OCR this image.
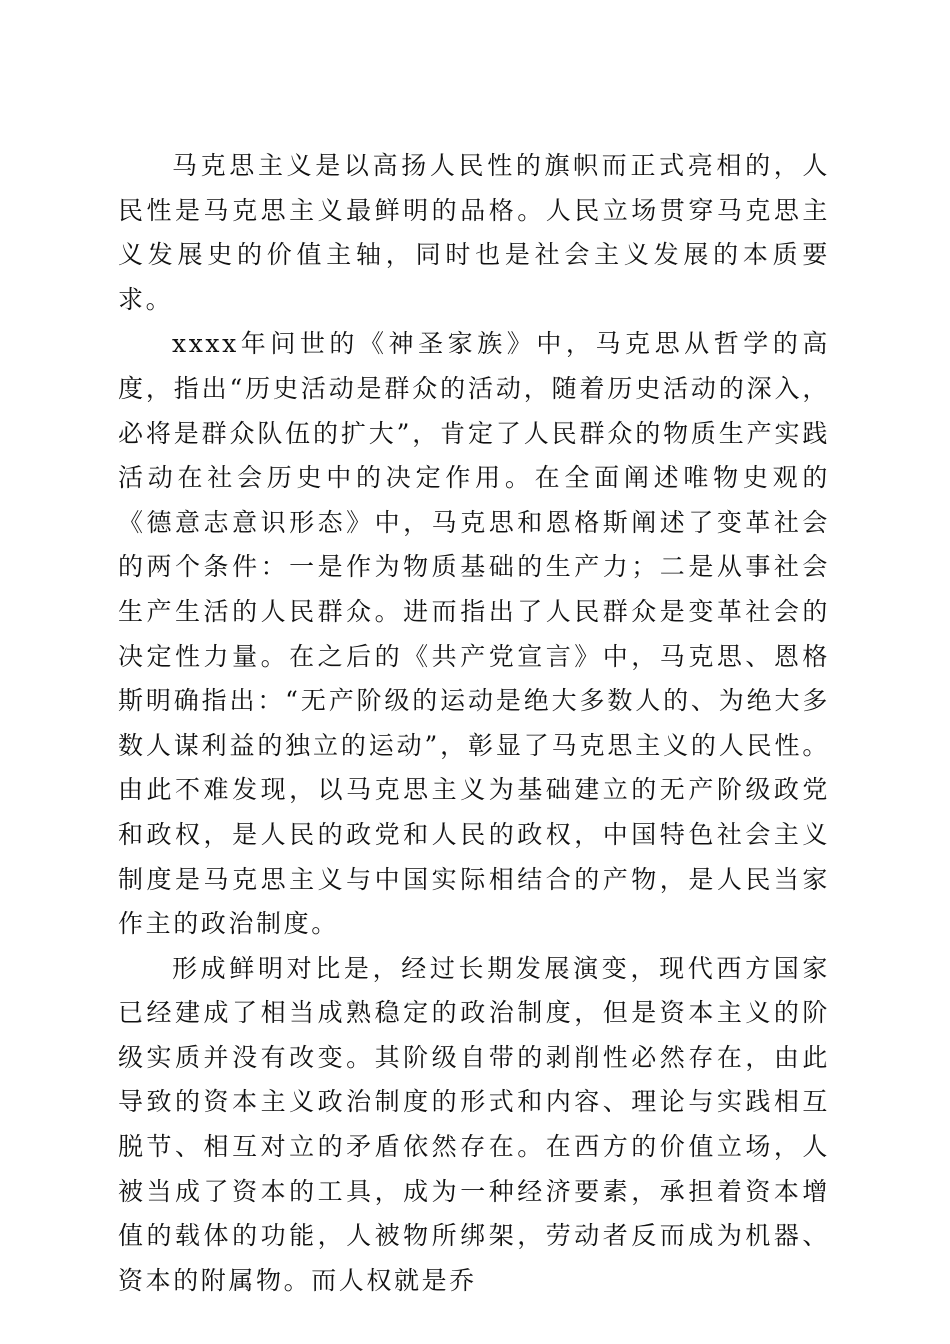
马克思主义是以高扬人民性的旗帜而正式亮相的，人民性是马克思主义最鲜明的品格。人民立场贯穿马克思主义发展史的价值主轴，同时也是社会主义发展的本质要求。

xxxx年问世的《神圣家族》中，马克思从哲学的高度，指出“历史活动是群众的活动，随着历史活动的深入，必将是群众队伍的扩大”，肯定了人民群众的物质生产实践活动在社会历史中的决定作用。在全面阐述唯物史观的《德意志意识形态》中，马克思和恩格斯阐述了变革社会的两个条件：一是作为物质基础的生产力；二是从事社会生产生活的人民群众。进而指出了人民群众是变革社会的决定性力量。在之后的《共产党宣言》中，马克思、恩格斯明确指出：“无产阶级的运动是绝大多数人的、为绝大多数人谋利益的独立的运动”，彰显了马克思主义的人民性。由此不难发现，以马克思主义为基础建立的无产阶级政党和政权，是人民的政党和人民的政权，中国特色社会主义制度是马克思主义与中国实际相结合的产物，是人民当家作主的政治制度。

形成鲜明对比是，经过长期发展演变，现代西方国家已经建成了相当成熟稳定的政治制度，但是资本主义的阶级实质并没有改变。其阶级自带的剥削性必然存在，由此导致的资本主义政治制度的形式和内容、理论与实践相互脱节、相互对立的矛盾依然存在。在西方的价值立场，人被当成了资本的工具，成为一种经济要素，承担着资本增值的载体的功能，人被物所绑架，劳动者反而成为机器、资本的附属物。而人权就是乔
